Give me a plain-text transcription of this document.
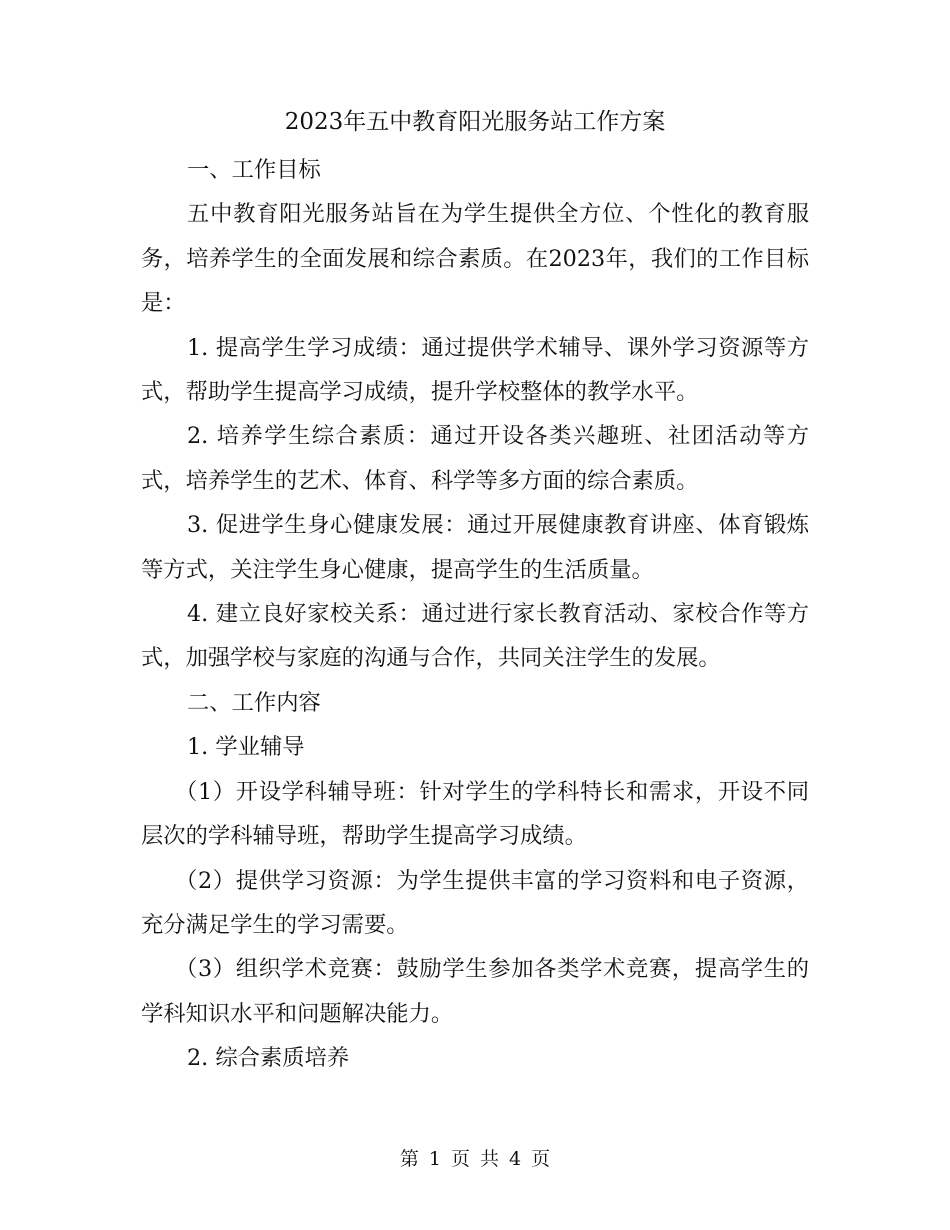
2023年五中教育阳光服务站工作方案

一、工作目标

五中教育阳光服务站旨在为学生提供全方位、个性化的教育服务，培养学生的全面发展和综合素质。在2023年，我们的工作目标是：

1. 提高学生学习成绩：通过提供学术辅导、课外学习资源等方式，帮助学生提高学习成绩，提升学校整体的教学水平。

2. 培养学生综合素质：通过开设各类兴趣班、社团活动等方式，培养学生的艺术、体育、科学等多方面的综合素质。

3. 促进学生身心健康发展：通过开展健康教育讲座、体育锻炼等方式，关注学生身心健康，提高学生的生活质量。

4. 建立良好家校关系：通过进行家长教育活动、家校合作等方式，加强学校与家庭的沟通与合作，共同关注学生的发展。

二、工作内容

1. 学业辅导

（1）开设学科辅导班：针对学生的学科特长和需求，开设不同层次的学科辅导班，帮助学生提高学习成绩。

（2）提供学习资源：为学生提供丰富的学习资料和电子资源，充分满足学生的学习需要。

（3）组织学术竞赛：鼓励学生参加各类学术竞赛，提高学生的学科知识水平和问题解决能力。

2. 综合素质培养

第 1 页 共 4 页
